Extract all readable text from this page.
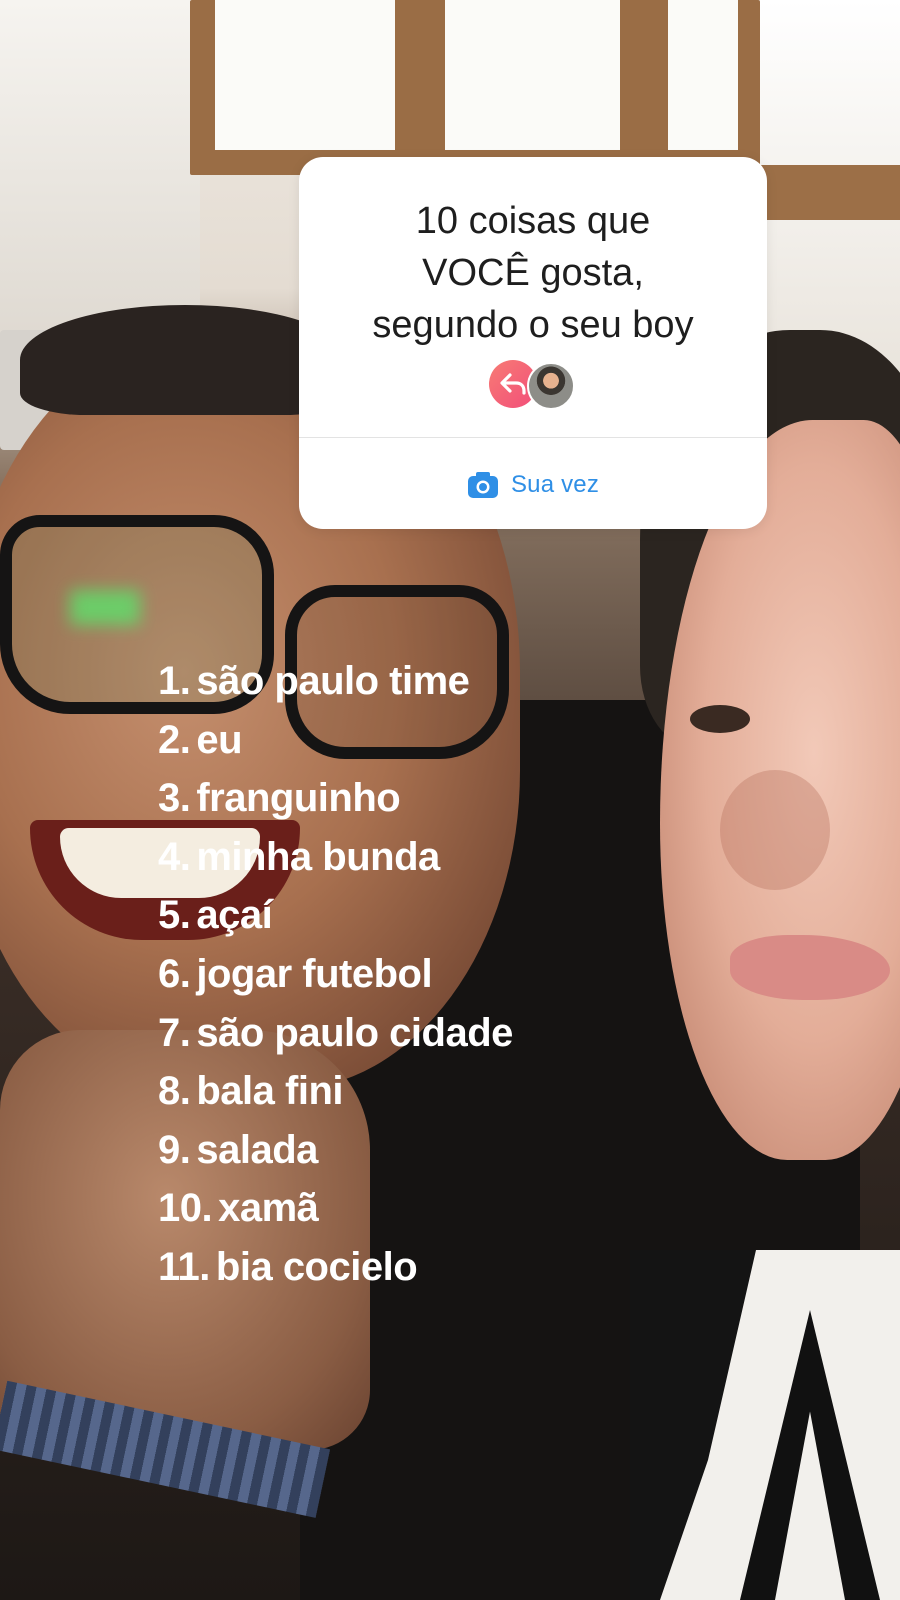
10 coisas que
VOCÊ gosta,
segundo o seu boy
Sua vez
1. são paulo time
2. eu
3. franguinho
4. minha bunda
5. açaí
6. jogar futebol
7. são paulo cidade
8. bala fini
9. salada
10. xamã
11. bia cocielo
